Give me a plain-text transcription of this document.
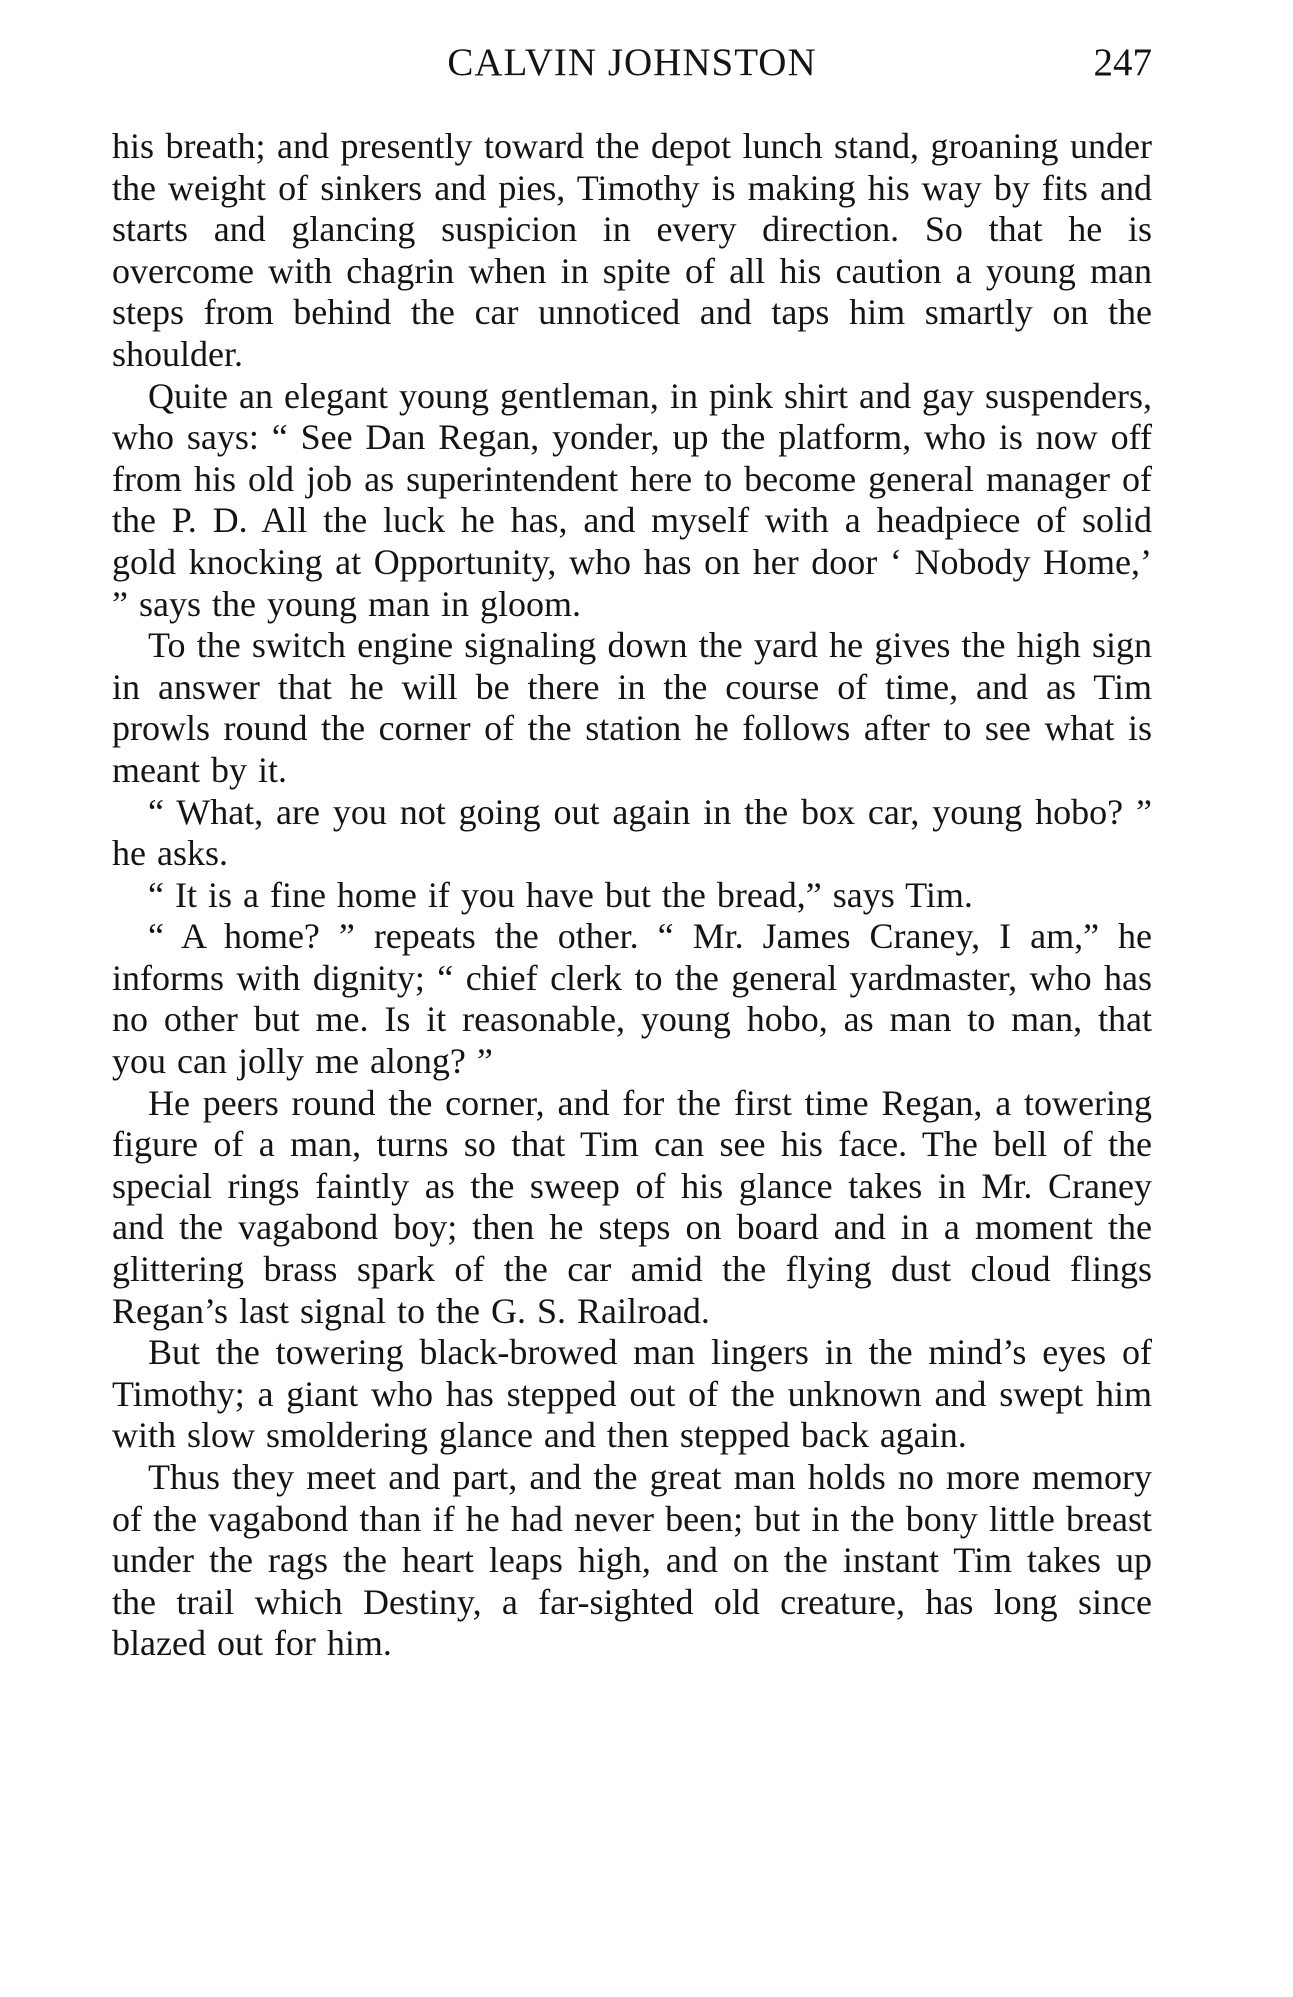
CALVIN JOHNSTON	247

his breath; and presently toward the depot lunch stand, groaning under the weight of sinkers and pies, Timothy is making his way by fits and starts and glancing suspicion in every direction. So that he is overcome with chagrin when in spite of all his caution a young man steps from behind the car unnoticed and taps him smartly on the shoulder.

Quite an elegant young gentleman, in pink shirt and gay suspenders, who says: “ See Dan Regan, yonder, up the platform, who is now off from his old job as superintendent here to become general manager of the P. D. All the luck he has, and myself with a headpiece of solid gold knocking at Opportunity, who has on her door ‘ Nobody Home,’ ” says the young man in gloom.

To the switch engine signaling down the yard he gives the high sign in answer that he will be there in the course of time, and as Tim prowls round the corner of the station he follows after to see what is meant by it.

“ What, are you not going out again in the box car, young hobo? ” he asks.

“ It is a fine home if you have but the bread,” says Tim.

“ A home? ” repeats the other. “ Mr. James Craney, I am,” he informs with dignity; “ chief clerk to the general yardmaster, who has no other but me. Is it reasonable, young hobo, as man to man, that you can jolly me along? ”

He peers round the corner, and for the first time Regan, a towering figure of a man, turns so that Tim can see his face. The bell of the special rings faintly as the sweep of his glance takes in Mr. Craney and the vagabond boy; then he steps on board and in a moment the glittering brass spark of the car amid the flying dust cloud flings Regan’s last signal to the G. S. Railroad.

But the towering black-browed man lingers in the mind’s eyes of Timothy; a giant who has stepped out of the unknown and swept him with slow smoldering glance and then stepped back again.

Thus they meet and part, and the great man holds no more memory of the vagabond than if he had never been; but in the bony little breast under the rags the heart leaps high, and on the instant Tim takes up the trail which Destiny, a far-sighted old creature, has long since blazed out for him.
